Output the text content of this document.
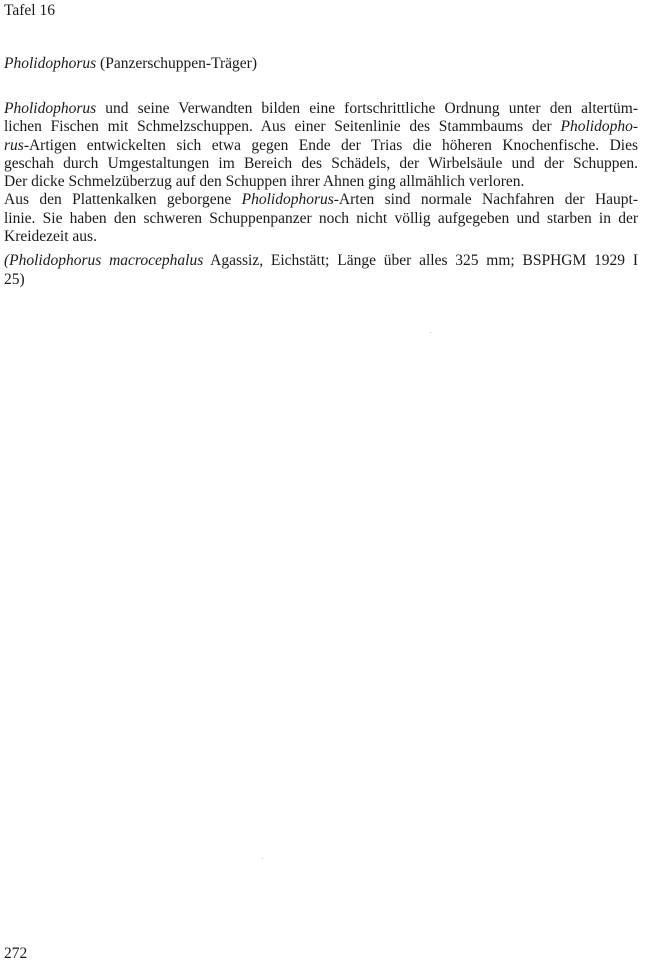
Tafel 16
Pholidophorus (Panzerschuppen-Träger)
Pholidophorus und seine Verwandten bilden eine fortschrittliche Ordnung unter den altertüm-
lichen Fischen mit Schmelzschuppen. Aus einer Seitenlinie des Stammbaums der Pholidopho-
rus-Artigen entwickelten sich etwa gegen Ende der Trias die höheren Knochenfische. Dies
geschah durch Umgestaltungen im Bereich des Schädels, der Wirbelsäule und der Schuppen.
Der dicke Schmelzüberzug auf den Schuppen ihrer Ahnen ging allmählich verloren.
Aus den Plattenkalken geborgene Pholidophorus-Arten sind normale Nachfahren der Haupt-
linie. Sie haben den schweren Schuppenpanzer noch nicht völlig aufgegeben und starben in der
Kreidezeit aus.
(Pholidophorus macrocephalus Agassiz, Eichstätt; Länge über alles 325 mm; BSPHGM 1929 I
25)
272
